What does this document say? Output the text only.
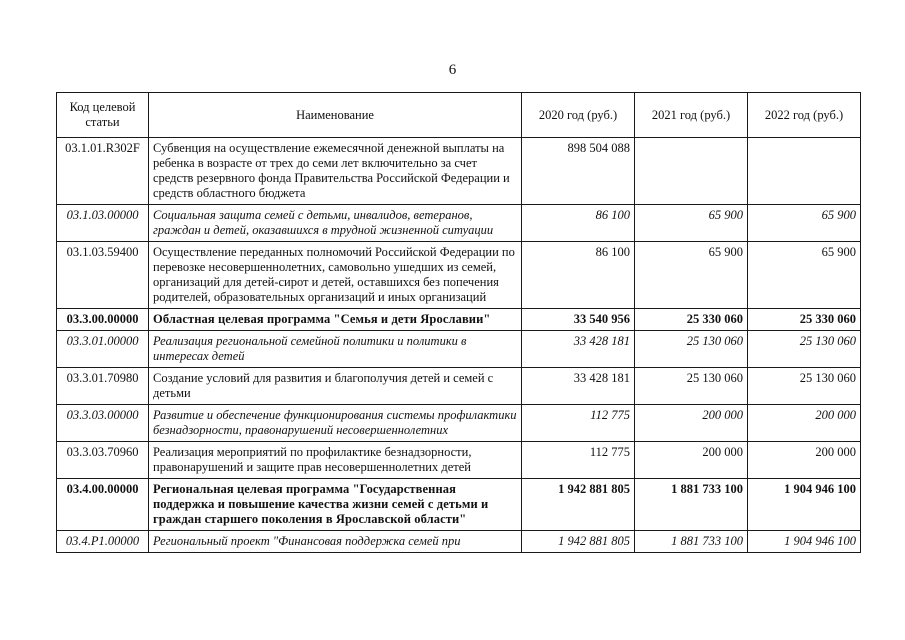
6
Код целевой статьи	Наименование	2020 год (руб.)	2021 год (руб.)	2022 год (руб.)
03.1.01.R302F	Субвенция на осуществление ежемесячной денежной выплаты на ребенка в возрасте от трех до семи лет включительно за счет средств резервного фонда Правительства Российской Федерации и средств областного бюджета	898 504 088		
03.1.03.00000	Социальная защита семей с детьми, инвалидов, ветеранов, граждан и детей, оказавшихся в трудной жизненной ситуации	86 100	65 900	65 900
03.1.03.59400	Осуществление переданных полномочий Российской Федерации по перевозке несовершеннолетних, самовольно ушедших из семей, организаций для детей-сирот и детей, оставшихся без попечения родителей, образовательных организаций и иных организаций	86 100	65 900	65 900
03.3.00.00000	Областная целевая программа "Семья и дети Ярославии"	33 540 956	25 330 060	25 330 060
03.3.01.00000	Реализация региональной семейной политики и политики в интересах детей	33 428 181	25 130 060	25 130 060
03.3.01.70980	Создание условий для развития и благополучия детей и семей с детьми	33 428 181	25 130 060	25 130 060
03.3.03.00000	Развитие и обеспечение функционирования системы профилактики безнадзорности, правонарушений несовершеннолетних	112 775	200 000	200 000
03.3.03.70960	Реализация мероприятий по профилактике безнадзорности, правонарушений и защите прав несовершеннолетних детей	112 775	200 000	200 000
03.4.00.00000	Региональная целевая программа "Государственная поддержка и повышение качества жизни семей с детьми и граждан старшего поколения в Ярославской области"	1 942 881 805	1 881 733 100	1 904 946 100
03.4.P1.00000	Региональный проект "Финансовая поддержка семей при	1 942 881 805	1 881 733 100	1 904 946 100
